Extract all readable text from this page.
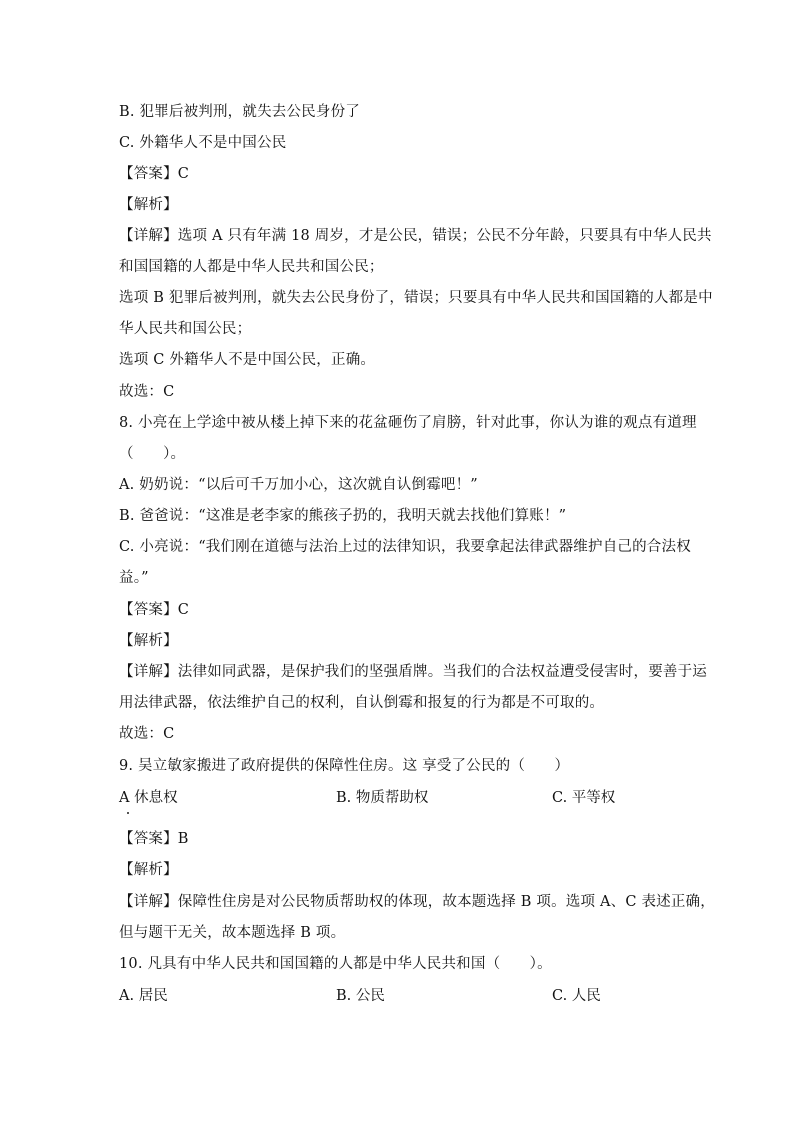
B. 犯罪后被判刑，就失去公民身份了
C. 外籍华人不是中国公民
【答案】C
【解析】
【详解】选项 A 只有年满 18 周岁，才是公民，错误；公民不分年龄，只要具有中华人民共
和国国籍的人都是中华人民共和国公民；
选项 B 犯罪后被判刑，就失去公民身份了，错误；只要具有中华人民共和国国籍的人都是中
华人民共和国公民；
选项 C 外籍华人不是中国公民，正确。
故选：C
8. 小亮在上学途中被从楼上掉下来的花盆砸伤了肩膀，针对此事，你认为谁的观点有道理
（　　）。
A. 奶奶说：“以后可千万加小心，这次就自认倒霉吧！”
B. 爸爸说：“这准是老李家的熊孩子扔的，我明天就去找他们算账！”
C. 小亮说：“我们刚在道德与法治上过的法律知识，我要拿起法律武器维护自己的合法权
益。”
【答案】C
【解析】
【详解】法律如同武器，是保护我们的坚强盾牌。当我们的合法权益遭受侵害时，要善于运
用法律武器，依法维护自己的权利，自认倒霉和报复的行为都是不可取的。
故选：C
9. 吴立敏家搬进了政府提供的保障性住房。这 享受了公民的（　　）
A 休息权	B. 物质帮助权	C. 平等权
【答案】B
【解析】
【详解】保障性住房是对公民物质帮助权的体现，故本题选择 B 项。选项 A、C 表述正确，
但与题干无关，故本题选择 B 项。
10. 凡具有中华人民共和国国籍的人都是中华人民共和国（　　）。
A. 居民	B. 公民	C. 人民
